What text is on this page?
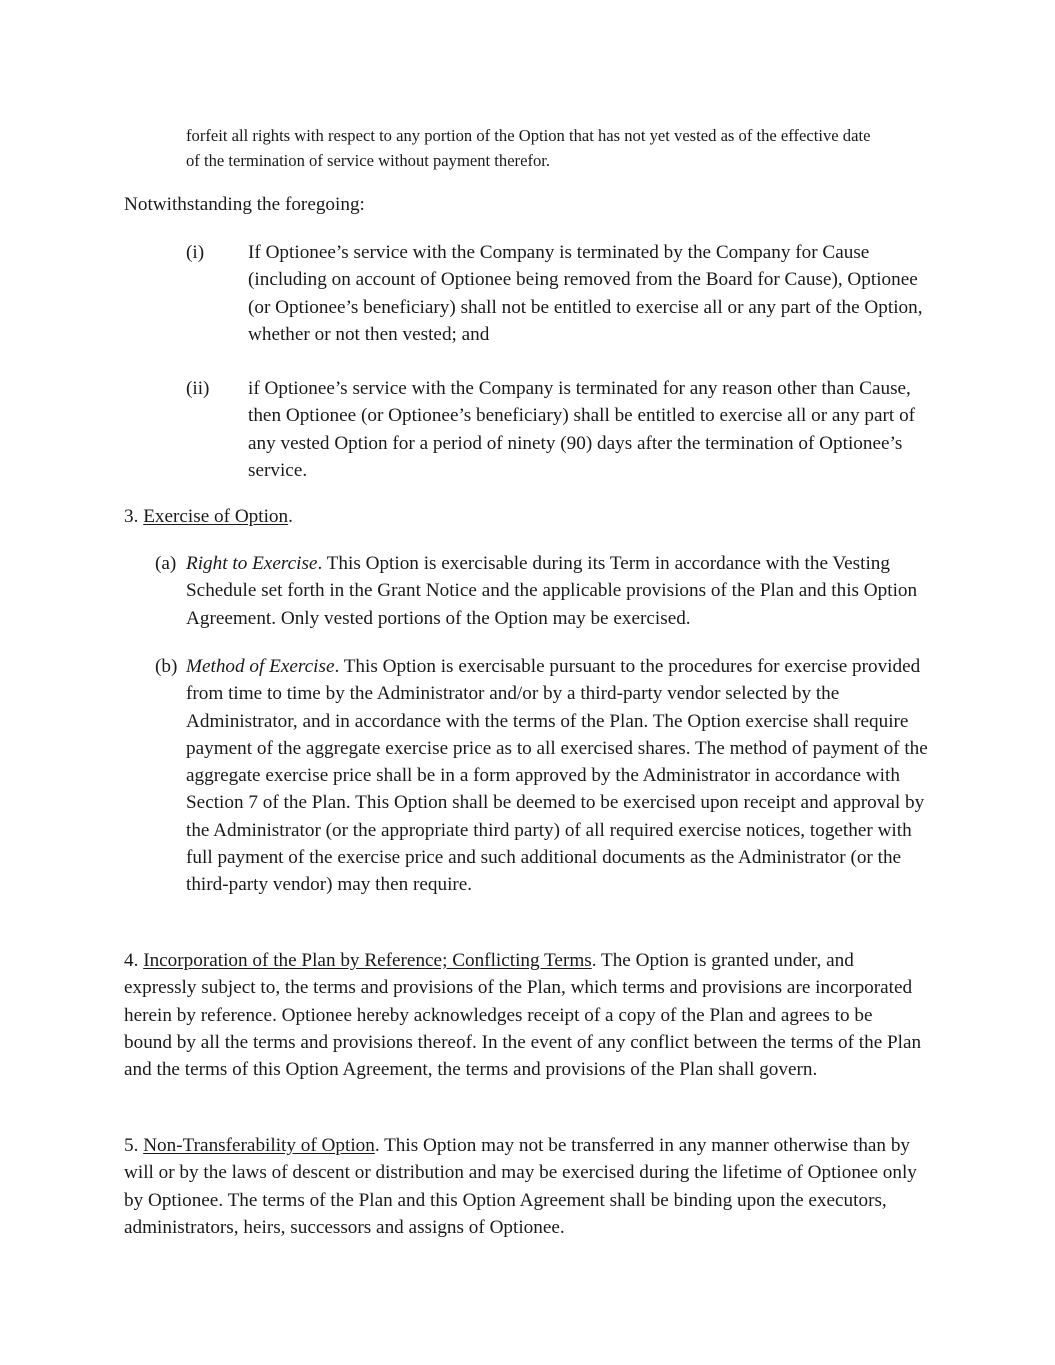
forfeit all rights with respect to any portion of the Option that has not yet vested as of the effective date of the termination of service without payment therefor.

Notwithstanding the foregoing:

(i) If Optionee’s service with the Company is terminated by the Company for Cause (including on account of Optionee being removed from the Board for Cause), Optionee (or Optionee’s beneficiary) shall not be entitled to exercise all or any part of the Option, whether or not then vested; and

(ii) if Optionee’s service with the Company is terminated for any reason other than Cause, then Optionee (or Optionee’s beneficiary) shall be entitled to exercise all or any part of any vested Option for a period of ninety (90) days after the termination of Optionee’s service.

3. Exercise of Option.

(a) Right to Exercise. This Option is exercisable during its Term in accordance with the Vesting Schedule set forth in the Grant Notice and the applicable provisions of the Plan and this Option Agreement. Only vested portions of the Option may be exercised.

(b) Method of Exercise. This Option is exercisable pursuant to the procedures for exercise provided from time to time by the Administrator and/or by a third-party vendor selected by the Administrator, and in accordance with the terms of the Plan. The Option exercise shall require payment of the aggregate exercise price as to all exercised shares. The method of payment of the aggregate exercise price shall be in a form approved by the Administrator in accordance with Section 7 of the Plan. This Option shall be deemed to be exercised upon receipt and approval by the Administrator (or the appropriate third party) of all required exercise notices, together with full payment of the exercise price and such additional documents as the Administrator (or the third-party vendor) may then require.

4. Incorporation of the Plan by Reference; Conflicting Terms. The Option is granted under, and expressly subject to, the terms and provisions of the Plan, which terms and provisions are incorporated herein by reference. Optionee hereby acknowledges receipt of a copy of the Plan and agrees to be bound by all the terms and provisions thereof. In the event of any conflict between the terms of the Plan and the terms of this Option Agreement, the terms and provisions of the Plan shall govern.

5. Non-Transferability of Option. This Option may not be transferred in any manner otherwise than by will or by the laws of descent or distribution and may be exercised during the lifetime of Optionee only by Optionee. The terms of the Plan and this Option Agreement shall be binding upon the executors, administrators, heirs, successors and assigns of Optionee.
